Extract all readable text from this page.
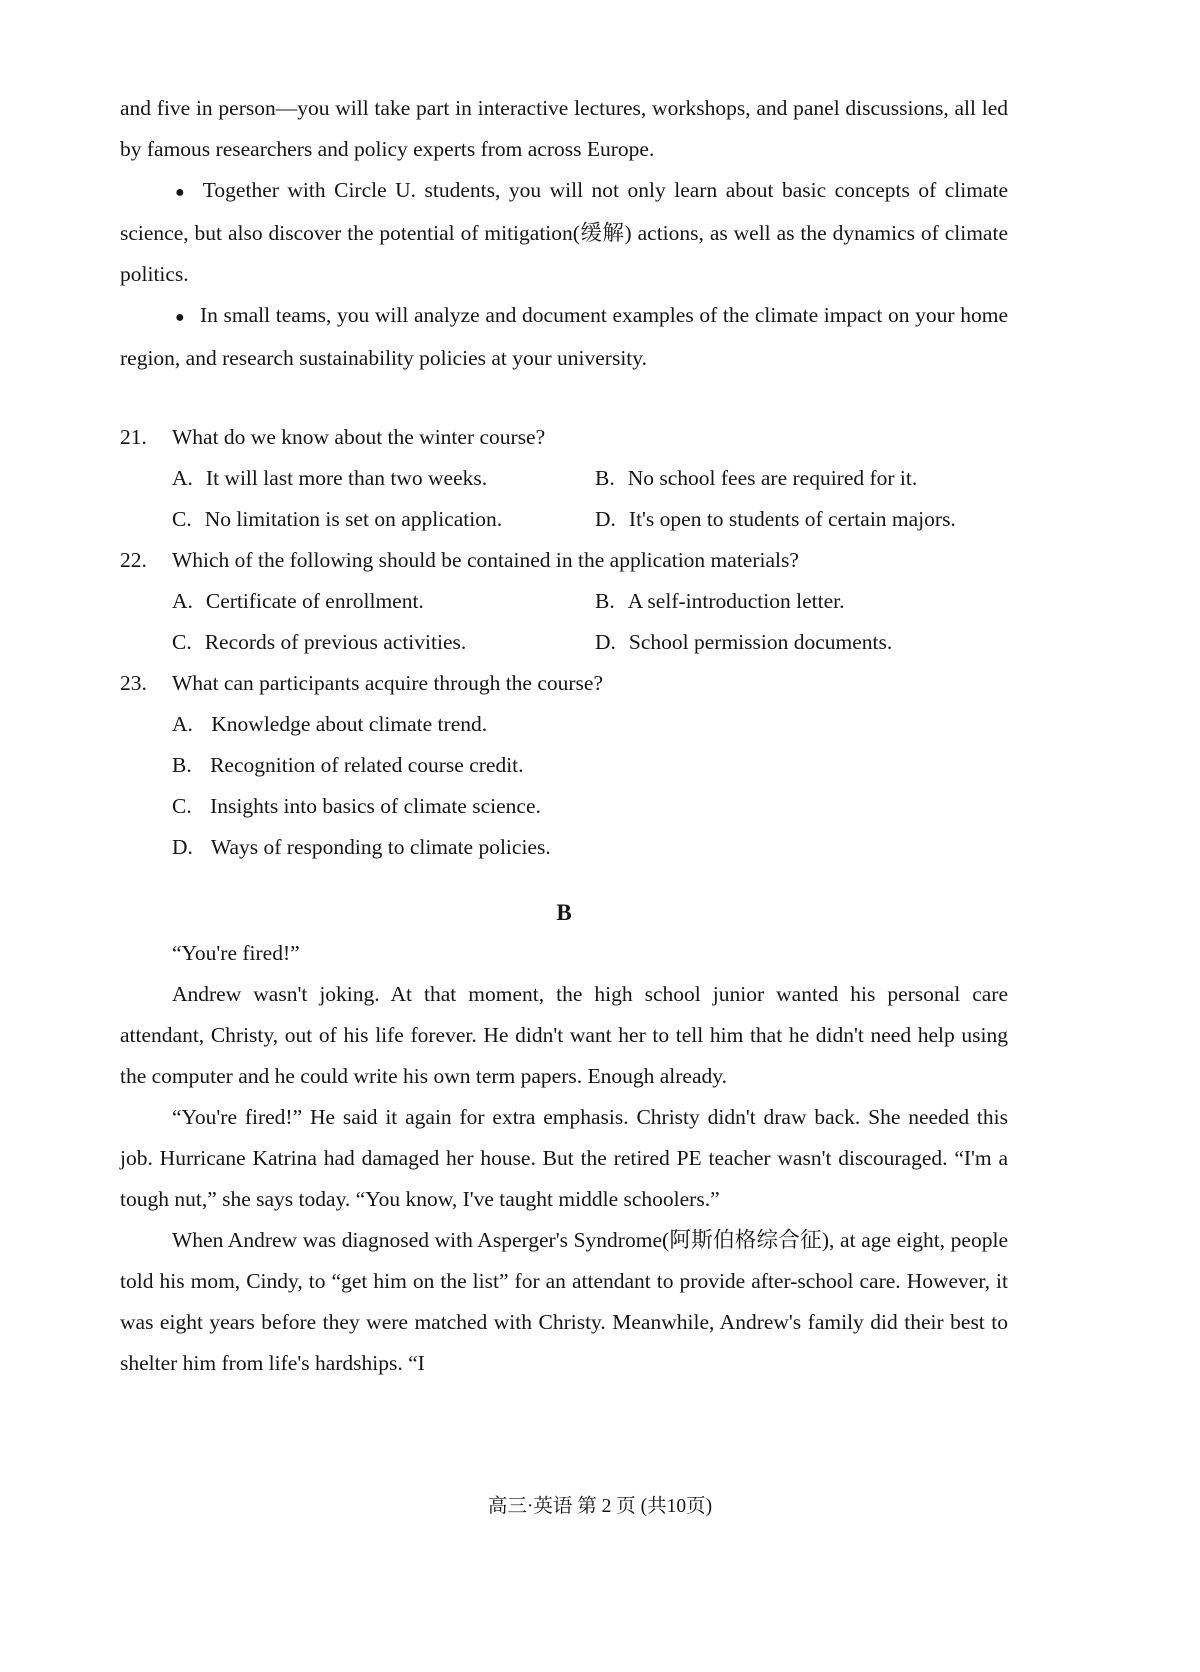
and five in person—you will take part in interactive lectures, workshops, and panel discussions, all led by famous researchers and policy experts from across Europe.

● Together with Circle U. students, you will not only learn about basic concepts of climate science, but also discover the potential of mitigation(缓解) actions, as well as the dynamics of climate politics.

● In small teams, you will analyze and document examples of the climate impact on your home region, and research sustainability policies at your university.

21.	What do we know about the winter course?
A. It will last more than two weeks.	B. No school fees are required for it.
C. No limitation is set on application.	D. It's open to students of certain majors.
22.	Which of the following should be contained in the application materials?
A. Certificate of enrollment.	B. A self-introduction letter.
C. Records of previous activities.	D. School permission documents.
23.	What can participants acquire through the course?
A. Knowledge about climate trend.
B. Recognition of related course credit.
C. Insights into basics of climate science.
D. Ways of responding to climate policies.
B

“You're fired!”

Andrew wasn't joking. At that moment, the high school junior wanted his personal care attendant, Christy, out of his life forever. He didn't want her to tell him that he didn't need help using the computer and he could write his own term papers. Enough already.

“You're fired!” He said it again for extra emphasis. Christy didn't draw back. She needed this job. Hurricane Katrina had damaged her house. But the retired PE teacher wasn't discouraged. “I'm a tough nut,” she says today. “You know, I've taught middle schoolers.”

When Andrew was diagnosed with Asperger's Syndrome(阿斯伯格综合征), at age eight, people told his mom, Cindy, to “get him on the list” for an attendant to provide after-school care. However, it was eight years before they were matched with Christy. Meanwhile, Andrew's family did their best to shelter him from life's hardships. “I

高三·英语 第 2 页 (共10页)
